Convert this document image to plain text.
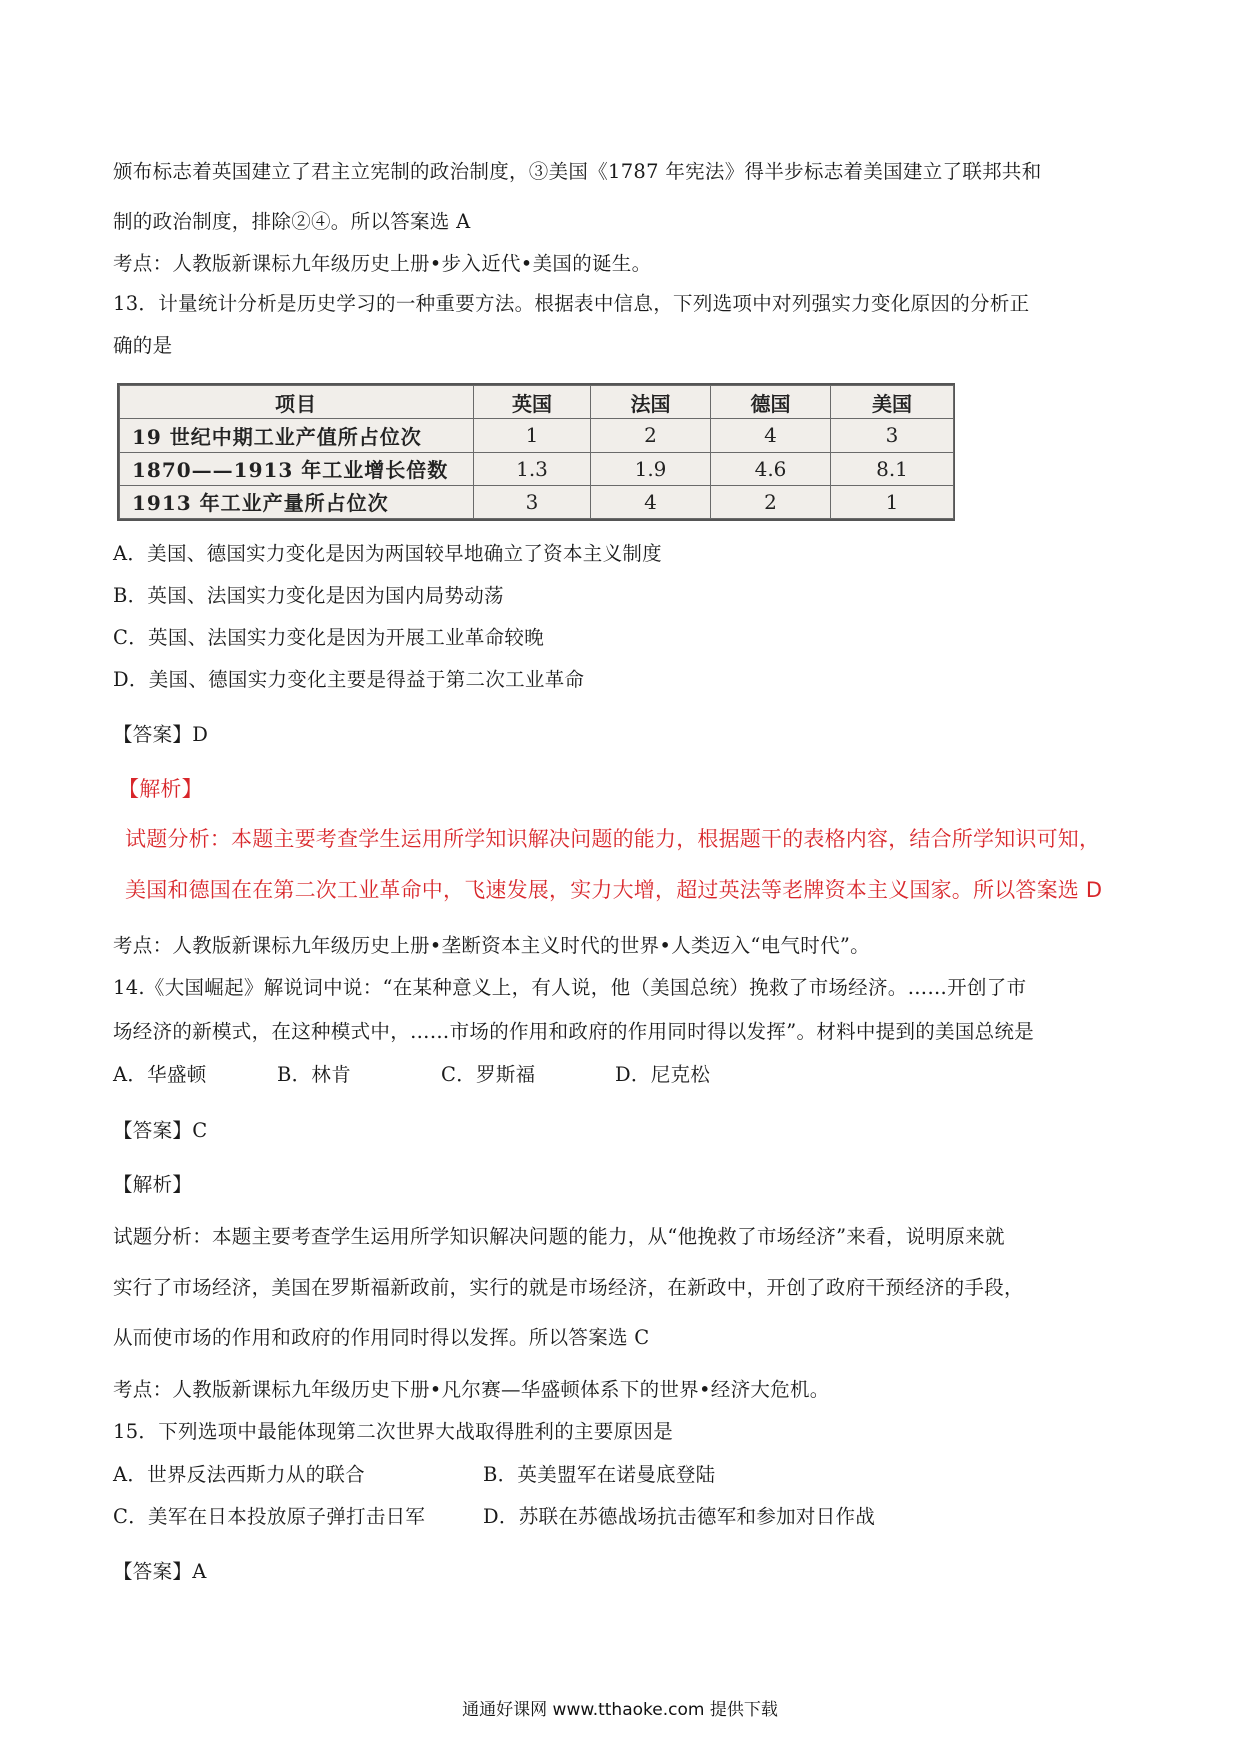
颁布标志着英国建立了君主立宪制的政治制度，③美国《1787 年宪法》得半步标志着美国建立了联邦共和
制的政治制度，排除②④。所以答案选 A
考点：人教版新课标九年级历史上册•步入近代•美国的诞生。
13．计量统计分析是历史学习的一种重要方法。根据表中信息，下列选项中对列强实力变化原因的分析正
确的是
项目	英国	法国	德国	美国
19 世纪中期工业产值所占位次	1	2	4	3
1870——1913 年工业增长倍数	1.3	1.9	4.6	8.1
1913 年工业产量所占位次	3	4	2	1
A．美国、德国实力变化是因为两国较早地确立了资本主义制度
B．英国、法国实力变化是因为国内局势动荡
C．英国、法国实力变化是因为开展工业革命较晚
D．美国、德国实力变化主要是得益于第二次工业革命
【答案】D
【解析】
试题分析：本题主要考查学生运用所学知识解决问题的能力，根据题干的表格内容，结合所学知识可知，
美国和德国在在第二次工业革命中，飞速发展，实力大增，超过英法等老牌资本主义国家。所以答案选 D
考点：人教版新课标九年级历史上册•垄断资本主义时代的世界•人类迈入“电气时代”。
14.《大国崛起》解说词中说：“在某种意义上，有人说，他（美国总统）挽救了市场经济。……开创了市
场经济的新模式，在这种模式中，……市场的作用和政府的作用同时得以发挥”。材料中提到的美国总统是
A．华盛顿	B．林肯	C．罗斯福	D．尼克松
【答案】C
【解析】
试题分析：本题主要考查学生运用所学知识解决问题的能力，从“他挽救了市场经济”来看，说明原来就
实行了市场经济，美国在罗斯福新政前，实行的就是市场经济，在新政中，开创了政府干预经济的手段，
从而使市场的作用和政府的作用同时得以发挥。所以答案选 C
考点：人教版新课标九年级历史下册•凡尔赛—华盛顿体系下的世界•经济大危机。
15．下列选项中最能体现第二次世界大战取得胜利的主要原因是
A．世界反法西斯力从的联合	B．英美盟军在诺曼底登陆
C．美军在日本投放原子弹打击日军	D．苏联在苏德战场抗击德军和参加对日作战
【答案】A
通通好课网 www.tthaoke.com 提供下载
